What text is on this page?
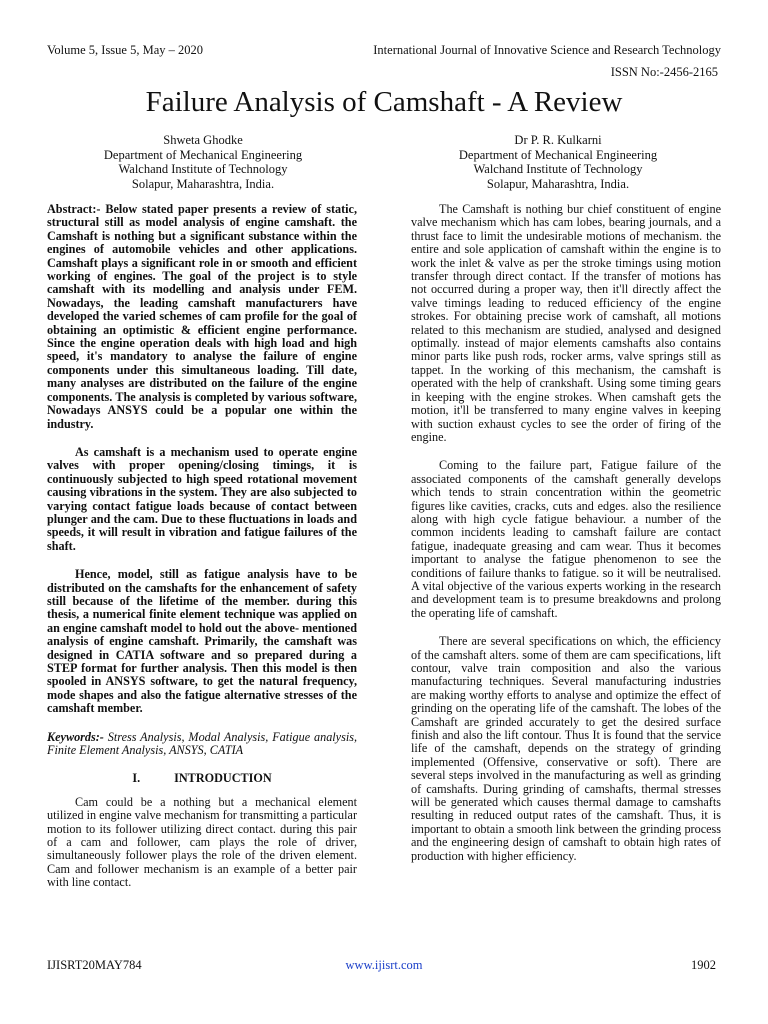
Volume 5, Issue 5, May – 2020	International Journal of Innovative Science and Research Technology
ISSN No:-2456-2165
Failure Analysis of Camshaft - A Review
Shweta Ghodke
Department of Mechanical Engineering
Walchand Institute of Technology
Solapur, Maharashtra, India.
Dr P. R. Kulkarni
Department of Mechanical Engineering
Walchand Institute of Technology
Solapur, Maharashtra, India.

Abstract:- Below stated paper presents a review of static, structural still as model analysis of engine camshaft. the Camshaft is nothing but a significant substance within the engines of automobile vehicles and other applications. Camshaft plays a significant role in or smooth and efficient working of engines. The goal of the project is to style camshaft with its modelling and analysis under FEM. Nowadays, the leading camshaft manufacturers have developed the varied schemes of cam profile for the goal of obtaining an optimistic & efficient engine performance. Since the engine operation deals with high load and high speed, it's mandatory to analyse the failure of engine components under this simultaneous loading. Till date, many analyses are distributed on the failure of the engine components. The analysis is completed by various software, Nowadays ANSYS could be a popular one within the industry.

As camshaft is a mechanism used to operate engine valves with proper opening/closing timings, it is continuously subjected to high speed rotational movement causing vibrations in the system. They are also subjected to varying contact fatigue loads because of contact between plunger and the cam. Due to these fluctuations in loads and speeds, it will result in vibration and fatigue failures of the shaft.

Hence, model, still as fatigue analysis have to be distributed on the camshafts for the enhancement of safety still because of the lifetime of the member. during this thesis, a numerical finite element technique was applied on an engine camshaft model to hold out the above- mentioned analysis of engine camshaft. Primarily, the camshaft was designed in CATIA software and so prepared during a STEP format for further analysis. Then this model is then spooled in ANSYS software, to get the natural frequency, mode shapes and also the fatigue alternative stresses of the camshaft member.

Keywords:- Stress Analysis, Modal Analysis, Fatigue analysis, Finite Element Analysis, ANSYS, CATIA

I.	INTRODUCTION

Cam could be a nothing but a mechanical element utilized in engine valve mechanism for transmitting a particular motion to its follower utilizing direct contact. during this pair of a cam and follower, cam plays the role of driver, simultaneously follower plays the role of the driven element. Cam and follower mechanism is an example of a better pair with line contact.

The Camshaft is nothing bur chief constituent of engine valve mechanism which has cam lobes, bearing journals, and a thrust face to limit the undesirable motions of mechanism. the entire and sole application of camshaft within the engine is to work the inlet & valve as per the stroke timings using motion transfer through direct contact. If the transfer of motions has not occurred during a proper way, then it'll directly affect the valve timings leading to reduced efficiency of the engine strokes. For obtaining precise work of camshaft, all motions related to this mechanism are studied, analysed and designed optimally. instead of major elements camshafts also contains minor parts like push rods, rocker arms, valve springs still as tappet. In the working of this mechanism, the camshaft is operated with the help of crankshaft. Using some timing gears in keeping with the engine strokes. When camshaft gets the motion, it'll be transferred to many engine valves in keeping with suction exhaust cycles to see the order of firing of the engine.

Coming to the failure part, Fatigue failure of the associated components of the camshaft generally develops which tends to strain concentration within the geometric figures like cavities, cracks, cuts and edges. also the resilience along with high cycle fatigue behaviour. a number of the common incidents leading to camshaft failure are contact fatigue, inadequate greasing and cam wear. Thus it becomes important to analyse the fatigue phenomenon to see the conditions of failure thanks to fatigue. so it will be neutralised. A vital objective of the various experts working in the research and development team is to presume breakdowns and prolong the operating life of camshaft.

There are several specifications on which, the efficiency of the camshaft alters. some of them are cam specifications, lift contour, valve train composition and also the various manufacturing techniques. Several manufacturing industries are making worthy efforts to analyse and optimize the effect of grinding on the operating life of the camshaft. The lobes of the Camshaft are grinded accurately to get the desired surface finish and also the lift contour. Thus It is found that the service life of the camshaft, depends on the strategy of grinding implemented (Offensive, conservative or soft). There are several steps involved in the manufacturing as well as grinding of camshafts. During grinding of camshafts, thermal stresses will be generated which causes thermal damage to camshafts resulting in reduced output rates of the camshaft. Thus, it is important to obtain a smooth link between the grinding process and the engineering design of camshaft to obtain high rates of production with higher efficiency.

IJISRT20MAY784	www.ijisrt.com	1902
